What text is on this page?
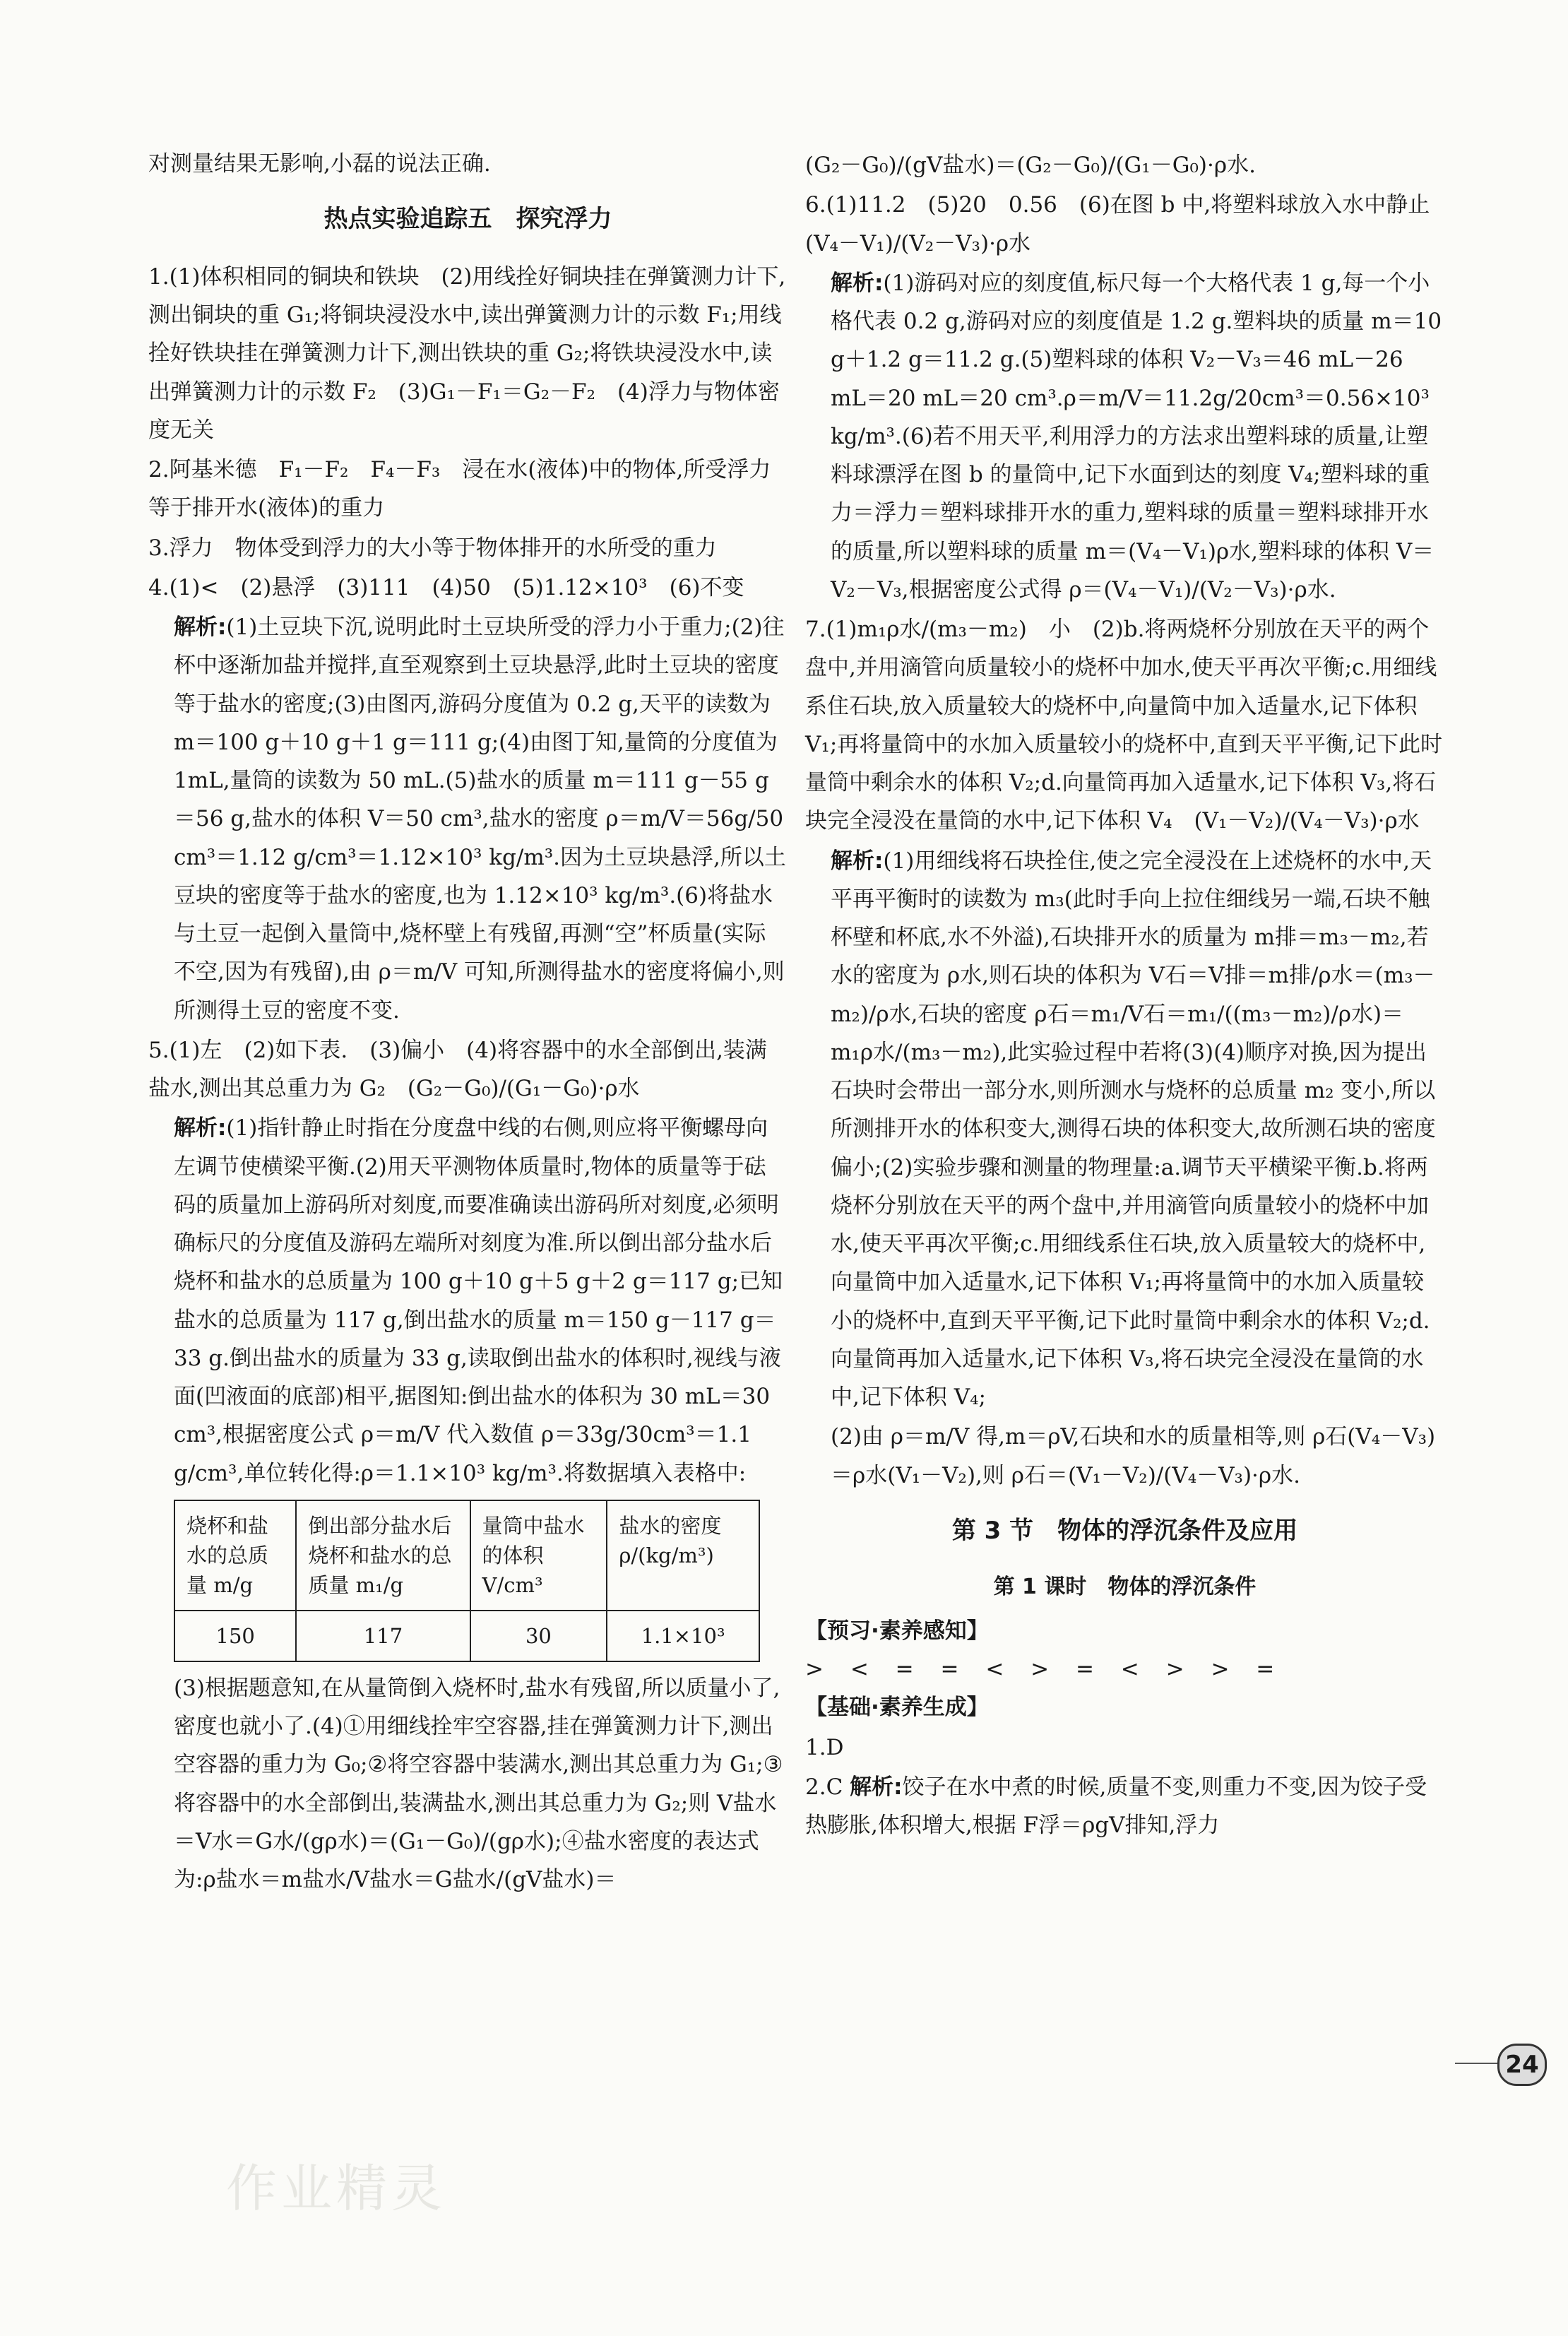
对测量结果无影响,小磊的说法正确.
热点实验追踪五　探究浮力
1.(1)体积相同的铜块和铁块　(2)用线拴好铜块挂在弹簧测力计下,测出铜块的重 G₁;将铜块浸没水中,读出弹簧测力计的示数 F₁;用线拴好铁块挂在弹簧测力计下,测出铁块的重 G₂;将铁块浸没水中,读出弹簧测力计的示数 F₂　(3)G₁－F₁＝G₂－F₂　(4)浮力与物体密度无关
2.阿基米德　F₁－F₂　F₄－F₃　浸在水(液体)中的物体,所受浮力等于排开水(液体)的重力
3.浮力　物体受到浮力的大小等于物体排开的水所受的重力
4.(1)<　(2)悬浮　(3)111　(4)50　(5)1.12×10³　(6)不变
解析:(1)土豆块下沉,说明此时土豆块所受的浮力小于重力;(2)往杯中逐渐加盐并搅拌,直至观察到土豆块悬浮,此时土豆块的密度等于盐水的密度;(3)由图丙,游码分度值为 0.2 g,天平的读数为 m＝100 g＋10 g＋1 g＝111 g;(4)由图丁知,量筒的分度值为 1mL,量筒的读数为 50 mL.(5)盐水的质量 m＝111 g－55 g＝56 g,盐水的体积 V＝50 cm³,盐水的密度 ρ＝m/V＝56g/50 cm³＝1.12 g/cm³＝1.12×10³ kg/m³.因为土豆块悬浮,所以土豆块的密度等于盐水的密度,也为 1.12×10³ kg/m³.(6)将盐水与土豆一起倒入量筒中,烧杯壁上有残留,再测“空”杯质量(实际不空,因为有残留),由 ρ＝m/V 可知,所测得盐水的密度将偏小,则所测得土豆的密度不变.
5.(1)左　(2)如下表.　(3)偏小　(4)将容器中的水全部倒出,装满盐水,测出其总重力为 G₂　(G₂－G₀)/(G₁－G₀)·ρ水
解析:(1)指针静止时指在分度盘中线的右侧,则应将平衡螺母向左调节使横梁平衡.(2)用天平测物体质量时,物体的质量等于砝码的质量加上游码所对刻度,而要准确读出游码所对刻度,必须明确标尺的分度值及游码左端所对刻度为准.所以倒出部分盐水后烧杯和盐水的总质量为 100 g＋10 g＋5 g＋2 g＝117 g;已知盐水的总质量为 117 g,倒出盐水的质量 m＝150 g－117 g＝33 g.倒出盐水的质量为 33 g,读取倒出盐水的体积时,视线与液面(凹液面的底部)相平,据图知:倒出盐水的体积为 30 mL＝30 cm³,根据密度公式 ρ＝m/V 代入数值 ρ＝33g/30cm³＝1.1 g/cm³,单位转化得:ρ＝1.1×10³ kg/m³.将数据填入表格中:
烧杯和盐水的总质量 m/g	倒出部分盐水后烧杯和盐水的总质量 m₁/g	量筒中盐水的体积 V/cm³	盐水的密度 ρ/(kg/m³)
150	117	30	1.1×10³
(3)根据题意知,在从量筒倒入烧杯时,盐水有残留,所以质量小了,密度也就小了.(4)①用细线拴牢空容器,挂在弹簧测力计下,测出空容器的重力为 G₀;②将空容器中装满水,测出其总重力为 G₁;③将容器中的水全部倒出,装满盐水,测出其总重力为 G₂;则 V盐水＝V水＝G水/(gρ水)＝(G₁－G₀)/(gρ水);④盐水密度的表达式为:ρ盐水＝m盐水/V盐水＝G盐水/(gV盐水)＝
(G₂－G₀)/(gV盐水)＝(G₂－G₀)/(G₁－G₀)·ρ水.
6.(1)11.2　(5)20　0.56　(6)在图 b 中,将塑料球放入水中静止　(V₄－V₁)/(V₂－V₃)·ρ水
解析:(1)游码对应的刻度值,标尺每一个大格代表 1 g,每一个小格代表 0.2 g,游码对应的刻度值是 1.2 g.塑料块的质量 m＝10 g＋1.2 g＝11.2 g.(5)塑料球的体积 V₂－V₃＝46 mL－26 mL＝20 mL＝20 cm³.ρ＝m/V＝11.2g/20cm³＝0.56×10³ kg/m³.(6)若不用天平,利用浮力的方法求出塑料球的质量,让塑料球漂浮在图 b 的量筒中,记下水面到达的刻度 V₄;塑料球的重力＝浮力＝塑料球排开水的重力,塑料球的质量＝塑料球排开水的质量,所以塑料球的质量 m＝(V₄－V₁)ρ水,塑料球的体积 V＝V₂－V₃,根据密度公式得 ρ＝(V₄－V₁)/(V₂－V₃)·ρ水.
7.(1)m₁ρ水/(m₃－m₂)　小　(2)b.将两烧杯分别放在天平的两个盘中,并用滴管向质量较小的烧杯中加水,使天平再次平衡;c.用细线系住石块,放入质量较大的烧杯中,向量筒中加入适量水,记下体积 V₁;再将量筒中的水加入质量较小的烧杯中,直到天平平衡,记下此时量筒中剩余水的体积 V₂;d.向量筒再加入适量水,记下体积 V₃,将石块完全浸没在量筒的水中,记下体积 V₄　(V₁－V₂)/(V₄－V₃)·ρ水
解析:(1)用细线将石块拴住,使之完全浸没在上述烧杯的水中,天平再平衡时的读数为 m₃(此时手向上拉住细线另一端,石块不触杯壁和杯底,水不外溢),石块排开水的质量为 m排＝m₃－m₂,若水的密度为 ρ水,则石块的体积为 V石＝V排＝m排/ρ水＝(m₃－m₂)/ρ水,石块的密度 ρ石＝m₁/V石＝m₁/((m₃－m₂)/ρ水)＝m₁ρ水/(m₃－m₂),此实验过程中若将(3)(4)顺序对换,因为提出石块时会带出一部分水,则所测水与烧杯的总质量 m₂ 变小,所以所测排开水的体积变大,测得石块的体积变大,故所测石块的密度偏小;(2)实验步骤和测量的物理量:a.调节天平横梁平衡.b.将两烧杯分别放在天平的两个盘中,并用滴管向质量较小的烧杯中加水,使天平再次平衡;c.用细线系住石块,放入质量较大的烧杯中,向量筒中加入适量水,记下体积 V₁;再将量筒中的水加入质量较小的烧杯中,直到天平平衡,记下此时量筒中剩余水的体积 V₂;d.向量筒再加入适量水,记下体积 V₃,将石块完全浸没在量筒的水中,记下体积 V₄;
(2)由 ρ＝m/V 得,m＝ρV,石块和水的质量相等,则 ρ石(V₄－V₃)＝ρ水(V₁－V₂),则 ρ石＝(V₁－V₂)/(V₄－V₃)·ρ水.
第 3 节　物体的浮沉条件及应用
第 1 课时　物体的浮沉条件
【预习·素养感知】
> < = = < > = < > > =
【基础·素养生成】
1.D
2.C 解析:饺子在水中煮的时候,质量不变,则重力不变,因为饺子受热膨胀,体积增大,根据 F浮＝ρgV排知,浮力
24
作业精灵
